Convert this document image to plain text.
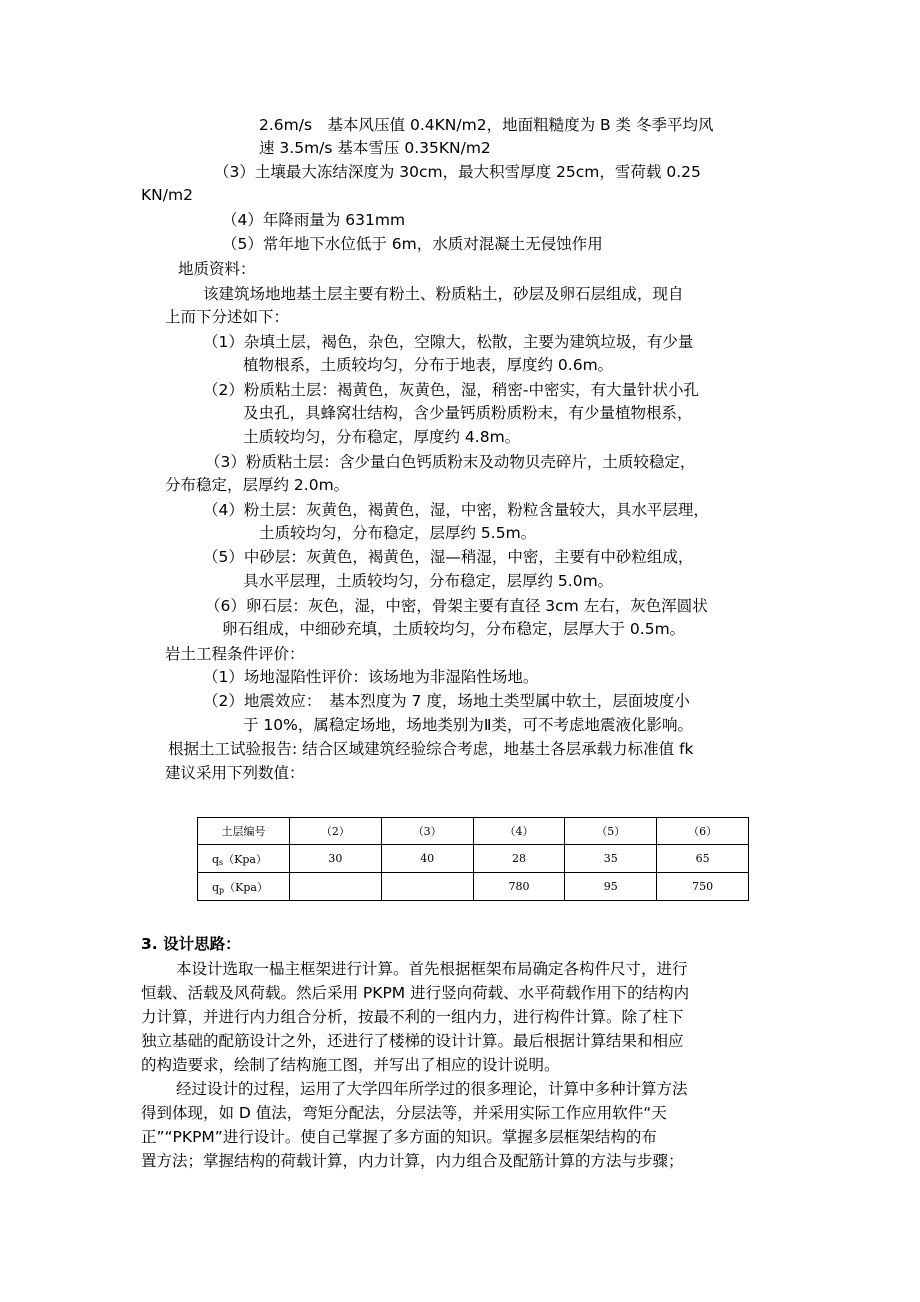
2.6m/s　基本风压值 0.4KN/m2，地面粗糙度为 B 类 冬季平均风
速 3.5m/s 基本雪压 0.35KN/m2
（3）土壤最大冻结深度为 30cm，最大积雪厚度 25cm，雪荷载 0.25
KN/m2
（4）年降雨量为 631mm
（5）常年地下水位低于 6m，水质对混凝土无侵蚀作用
地质资料：
该建筑场地地基土层主要有粉土、粉质粘土，砂层及卵石层组成，现自
上而下分述如下：
（1）杂填土层，褐色，杂色，空隙大，松散，主要为建筑垃圾，有少量
植物根系，土质较均匀，分布于地表，厚度约 0.6m。
（2）粉质粘土层：褐黄色，灰黄色，湿，稍密-中密实，有大量针状小孔
及虫孔，具蜂窝壮结构，含少量钙质粉质粉末，有少量植物根系，
土质较均匀，分布稳定，厚度约 4.8m。
（3）粉质粘土层：含少量白色钙质粉末及动物贝壳碎片，土质较稳定，
分布稳定，层厚约 2.0m。
（4）粉土层：灰黄色，褐黄色，湿，中密，粉粒含量较大，具水平层理，
土质较均匀，分布稳定，层厚约 5.5m。
（5）中砂层：灰黄色，褐黄色，湿—稍湿，中密，主要有中砂粒组成，
具水平层理，土质较均匀，分布稳定，层厚约 5.0m。
（6）卵石层：灰色，湿，中密，骨架主要有直径 3cm 左右，灰色浑圆状
卵石组成，中细砂充填，土质较均匀，分布稳定，层厚大于 0.5m。
岩土工程条件评价：
（1）场地湿陷性评价：该场地为非湿陷性场地。
（2）地震效应：　基本烈度为 7 度，场地土类型属中软土，层面坡度小
于 10%，属稳定场地，场地类别为Ⅱ类，可不考虑地震液化影响。
根据土工试验报告: 结合区域建筑经验综合考虑，地基土各层承载力标准值 fk
建议采用下列数值：
土层编号	（2）	（3）	（4）	（5）	（6）
$q_s(Kpa)$	30	40	28	35	65
$q_p(Kpa)$			780	95	750
3. 设计思路：
本设计选取一榀主框架进行计算。首先根据框架布局确定各构件尺寸，进行
恒载、活载及风荷载。然后采用 PKPM 进行竖向荷载、水平荷载作用下的结构内
力计算，并进行内力组合分析，按最不利的一组内力，进行构件计算。除了柱下
独立基础的配筋设计之外，还进行了楼梯的设计计算。最后根据计算结果和相应
的构造要求，绘制了结构施工图，并写出了相应的设计说明。
经过设计的过程，运用了大学四年所学过的很多理论，计算中多种计算方法
得到体现，如 D 值法，弯矩分配法，分层法等，并采用实际工作应用软件“天
正”“PKPM”进行设计。使自己掌握了多方面的知识。掌握多层框架结构的布
置方法；掌握结构的荷载计算，内力计算，内力组合及配筋计算的方法与步骤；
